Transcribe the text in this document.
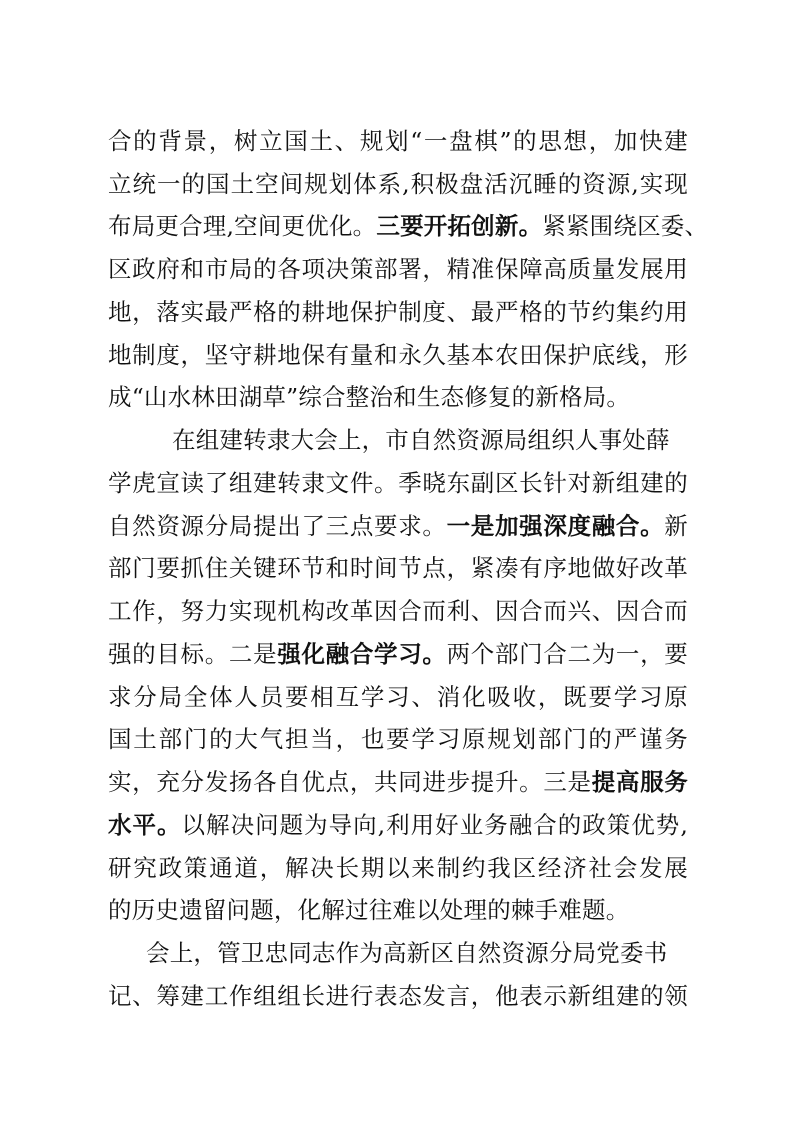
合的背景，树立国土、规划“一盘棋”的思想，加快建
立统一的国土空间规划体系,积极盘活沉睡的资源,实现
布局更合理,空间更优化。三要开拓创新。紧紧围绕区委、
区政府和市局的各项决策部署，精准保障高质量发展用
地，落实最严格的耕地保护制度、最严格的节约集约用
地制度，坚守耕地保有量和永久基本农田保护底线，形
成“山水林田湖草”综合整治和生态修复的新格局。
在组建转隶大会上，市自然资源局组织人事处薛
学虎宣读了组建转隶文件。季晓东副区长针对新组建的
自然资源分局提出了三点要求。一是加强深度融合。新
部门要抓住关键环节和时间节点，紧凑有序地做好改革
工作，努力实现机构改革因合而利、因合而兴、因合而
强的目标。二是强化融合学习。两个部门合二为一，要
求分局全体人员要相互学习、消化吸收，既要学习原
国土部门的大气担当，也要学习原规划部门的严谨务
实，充分发扬各自优点，共同进步提升。三是提高服务
水平。以解决问题为导向,利用好业务融合的政策优势,
研究政策通道，解决长期以来制约我区经济社会发展
的历史遗留问题，化解过往难以处理的棘手难题。
会上，管卫忠同志作为高新区自然资源分局党委书
记、筹建工作组组长进行表态发言，他表示新组建的领
